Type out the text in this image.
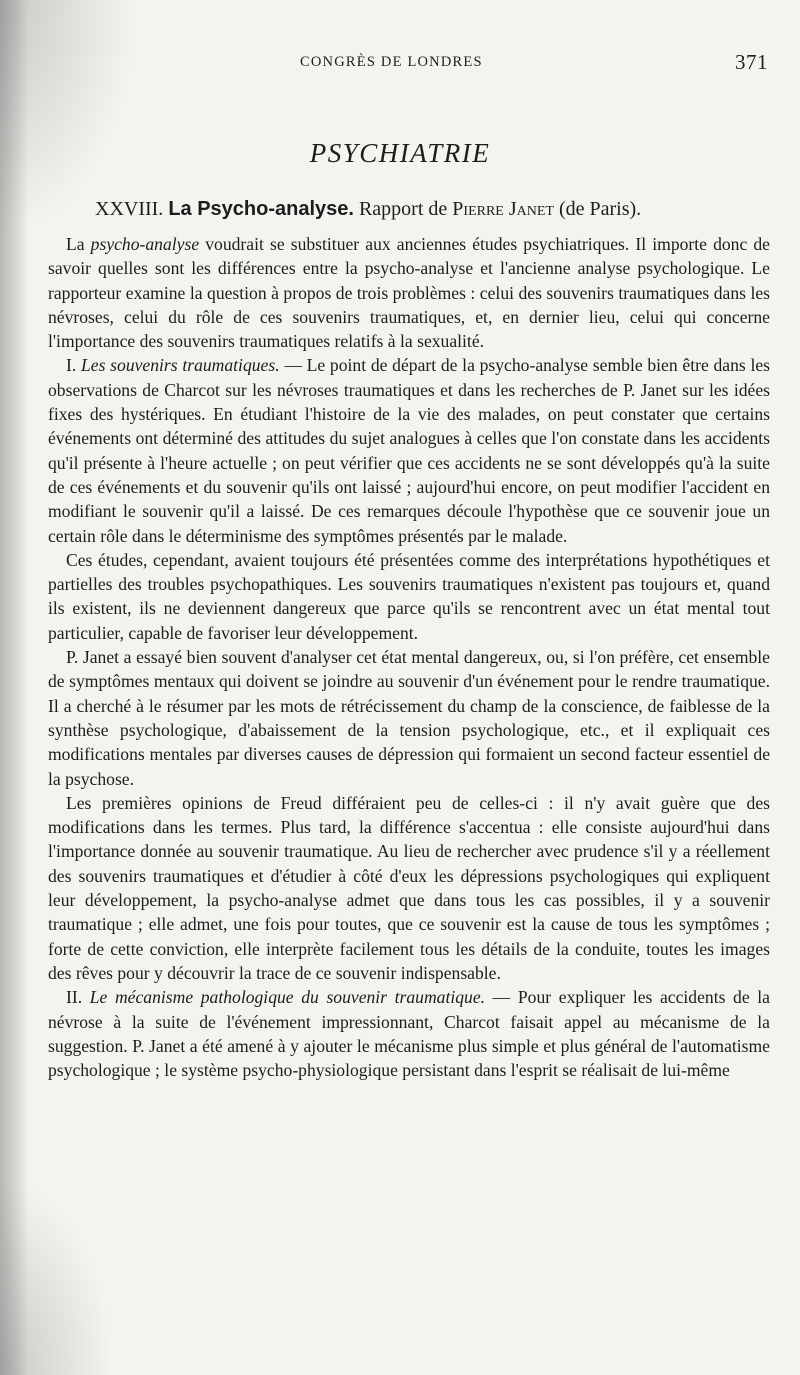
CONGRÈS DE LONDRES	371
PSYCHIATRIE
XXVIII. La Psycho-analyse. Rapport de Pierre Janet (de Paris).

La psycho-analyse voudrait se substituer aux anciennes études psychiatriques. Il importe donc de savoir quelles sont les différences entre la psycho-analyse et l'ancienne analyse psychologique. Le rapporteur examine la question à propos de trois problèmes : celui des souvenirs traumatiques dans les névroses, celui du rôle de ces souvenirs traumatiques, et, en dernier lieu, celui qui concerne l'importance des souvenirs traumatiques relatifs à la sexualité.

I. Les souvenirs traumatiques. — Le point de départ de la psycho-analyse semble bien être dans les observations de Charcot sur les névroses traumatiques et dans les recherches de P. Janet sur les idées fixes des hystériques. En étudiant l'histoire de la vie des malades, on peut constater que certains événements ont déterminé des attitudes du sujet analogues à celles que l'on constate dans les accidents qu'il présente à l'heure actuelle ; on peut vérifier que ces accidents ne se sont développés qu'à la suite de ces événements et du souvenir qu'ils ont laissé ; aujourd'hui encore, on peut modifier l'accident en modifiant le souvenir qu'il a laissé. De ces remarques découle l'hypothèse que ce souvenir joue un certain rôle dans le déterminisme des symptômes présentés par le malade.

Ces études, cependant, avaient toujours été présentées comme des interprétations hypothétiques et partielles des troubles psychopathiques. Les souvenirs traumatiques n'existent pas toujours et, quand ils existent, ils ne deviennent dangereux que parce qu'ils se rencontrent avec un état mental tout particulier, capable de favoriser leur développement.

P. Janet a essayé bien souvent d'analyser cet état mental dangereux, ou, si l'on préfère, cet ensemble de symptômes mentaux qui doivent se joindre au souvenir d'un événement pour le rendre traumatique. Il a cherché à le résumer par les mots de rétrécissement du champ de la conscience, de faiblesse de la synthèse psychologique, d'abaissement de la tension psychologique, etc., et il expliquait ces modifications mentales par diverses causes de dépression qui formaient un second facteur essentiel de la psychose.

Les premières opinions de Freud différaient peu de celles-ci : il n'y avait guère que des modifications dans les termes. Plus tard, la différence s'accentua : elle consiste aujourd'hui dans l'importance donnée au souvenir traumatique. Au lieu de rechercher avec prudence s'il y a réellement des souvenirs traumatiques et d'étudier à côté d'eux les dépressions psychologiques qui expliquent leur développement, la psycho-analyse admet que dans tous les cas possibles, il y a souvenir traumatique ; elle admet, une fois pour toutes, que ce souvenir est la cause de tous les symptômes ; forte de cette conviction, elle interprète facilement tous les détails de la conduite, toutes les images des rêves pour y découvrir la trace de ce souvenir indispensable.

II. Le mécanisme pathologique du souvenir traumatique. — Pour expliquer les accidents de la névrose à la suite de l'événement impressionnant, Charcot faisait appel au mécanisme de la suggestion. P. Janet a été amené à y ajouter le mécanisme plus simple et plus général de l'automatisme psychologique ; le système psycho-physiologique persistant dans l'esprit se réalisait de lui-même
